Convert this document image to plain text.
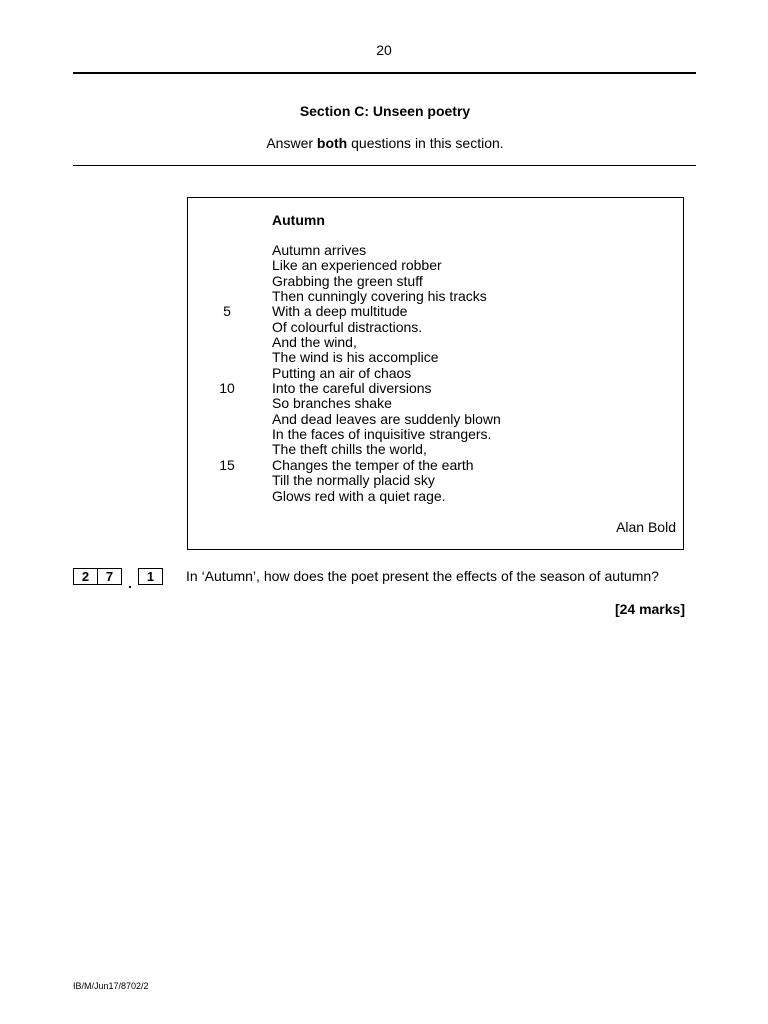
20
Section C: Unseen poetry
Answer both questions in this section.
Autumn
Autumn arrives
Like an experienced robber
Grabbing the green stuff
Then cunningly covering his tracks
5	With a deep multitude
Of colourful distractions.
And the wind,
The wind is his accomplice
Putting an air of chaos
10	Into the careful diversions
So branches shake
And dead leaves are suddenly blown
In the faces of inquisitive strangers.
The theft chills the world,
15	Changes the temper of the earth
Till the normally placid sky
Glows red with a quiet rage.
Alan Bold
2	7	.	1	In ‘Autumn’, how does the poet present the effects of the season of autumn?
[24 marks]
IB/M/Jun17/8702/2
